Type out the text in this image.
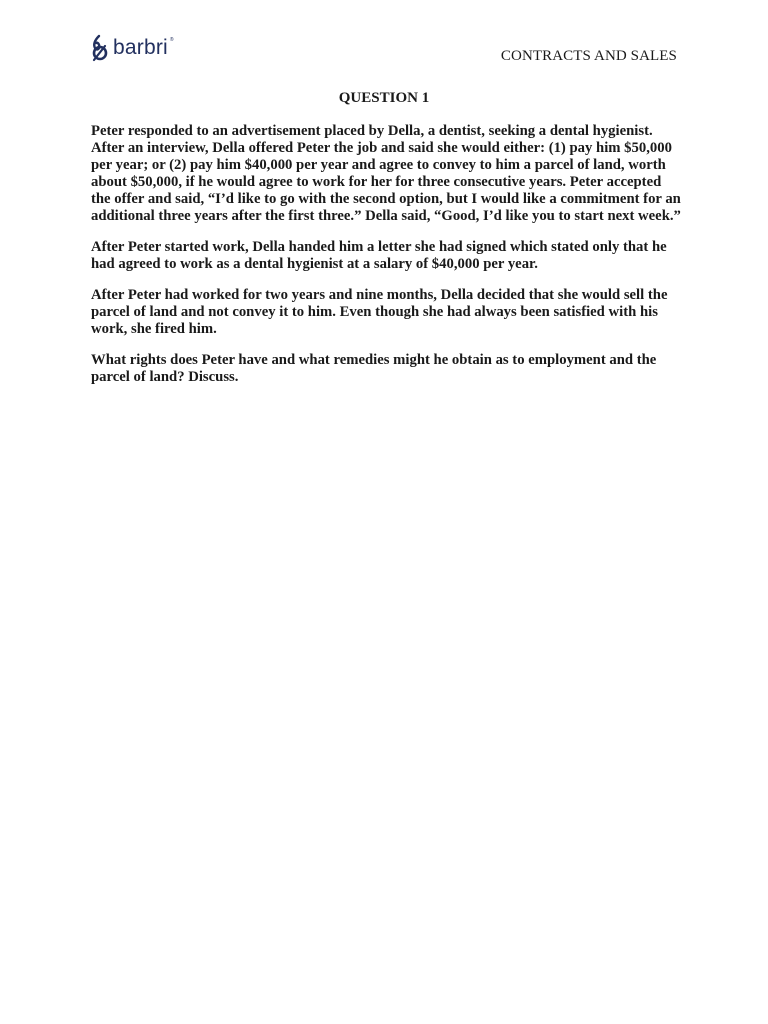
barbri ®
CONTRACTS AND SALES
QUESTION 1

Peter responded to an advertisement placed by Della, a dentist, seeking a dental hygienist. After an interview, Della offered Peter the job and said she would either: (1) pay him $50,000 per year; or (2) pay him $40,000 per year and agree to convey to him a parcel of land, worth about $50,000, if he would agree to work for her for three consecutive years. Peter accepted the offer and said, “I’d like to go with the second option, but I would like a commitment for an additional three years after the first three.” Della said, “Good, I’d like you to start next week.”

After Peter started work, Della handed him a letter she had signed which stated only that he had agreed to work as a dental hygienist at a salary of $40,000 per year.

After Peter had worked for two years and nine months, Della decided that she would sell the parcel of land and not convey it to him. Even though she had always been satisfied with his work, she fired him.

What rights does Peter have and what remedies might he obtain as to employment and the parcel of land? Discuss.
